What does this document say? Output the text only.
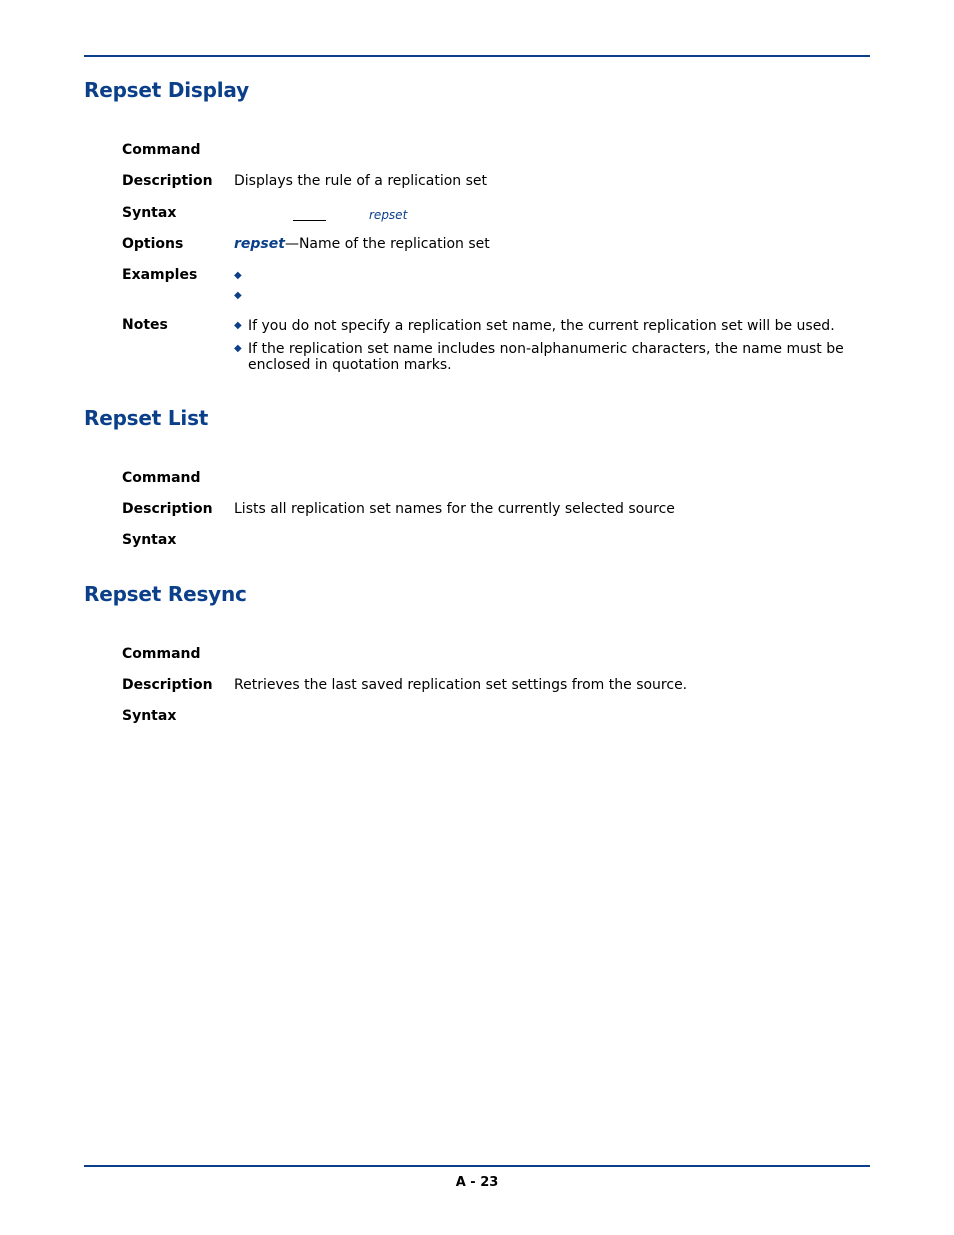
Repset Display
Command
Description Displays the rule of a replication set
Syntax	repset
Options	repset—Name of the replication set
Examples	◆
◆
Notes	◆ If you do not specify a replication set name, the current replication set will be used.
◆ If the replication set name includes non-alphanumeric characters, the name must be enclosed in quotation marks.
Repset List
Command
Description Lists all replication set names for the currently selected source
Syntax
Repset Resync
Command
Description Retrieves the last saved replication set settings from the source.
Syntax
A - 23
